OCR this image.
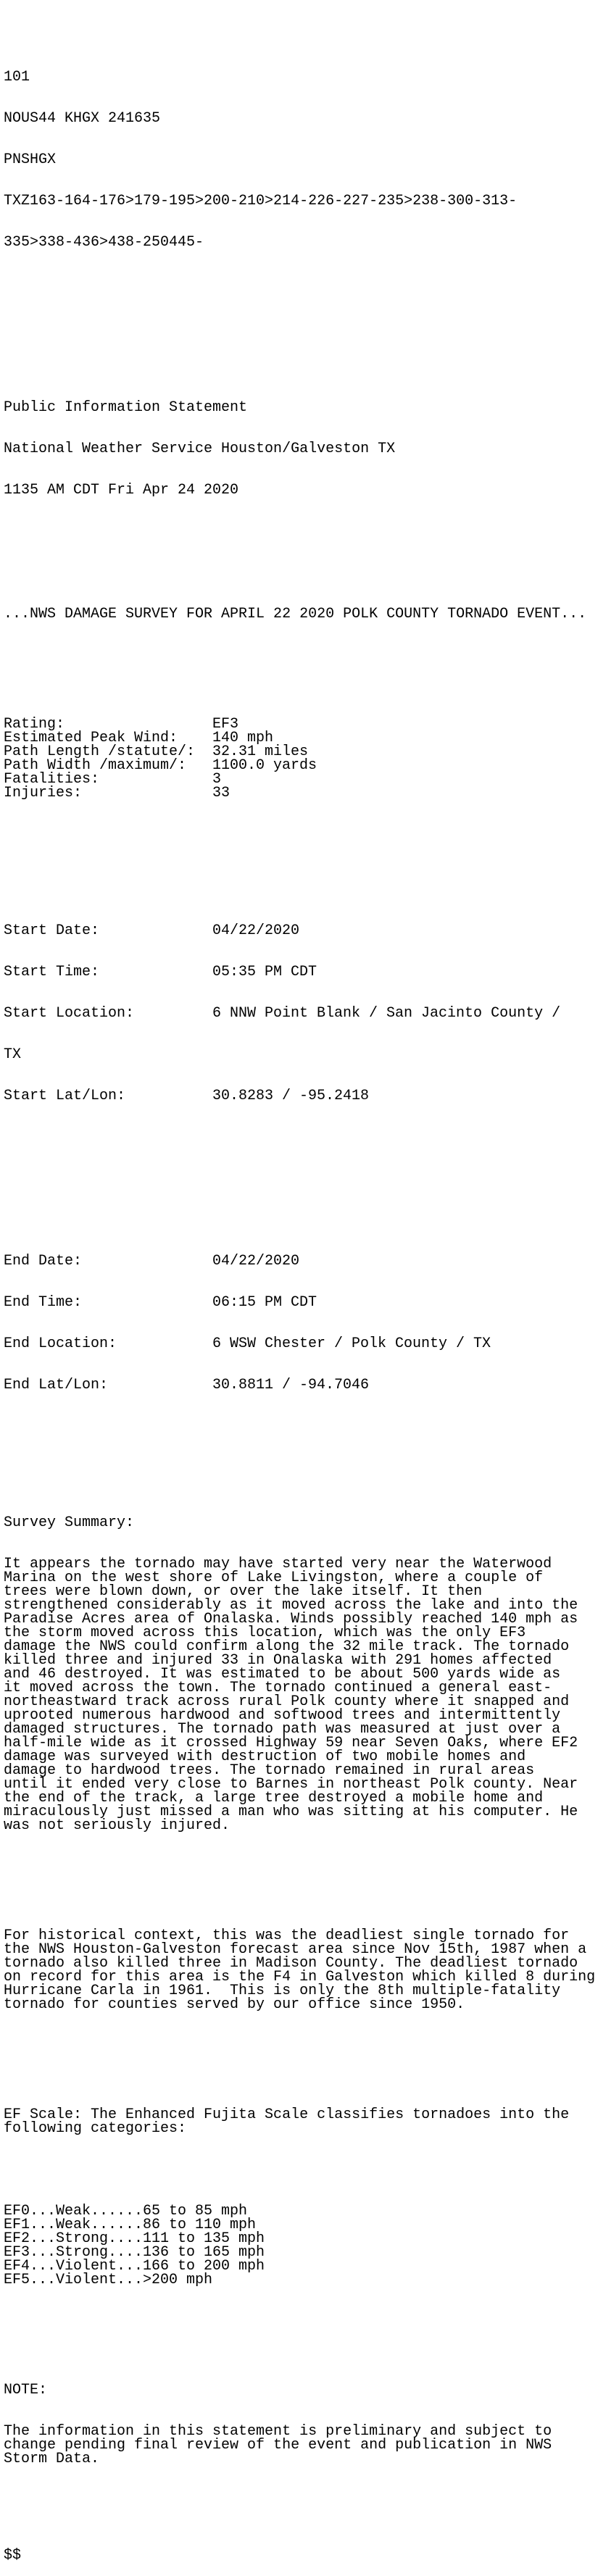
101

NOUS44 KHGX 241635

PNSHGX

TXZ163-164-176>179-195>200-210>214-226-227-235>238-300-313-

335>338-436>438-250445-

Public Information Statement

National Weather Service Houston/Galveston TX

1135 AM CDT Fri Apr 24 2020

...NWS DAMAGE SURVEY FOR APRIL 22 2020 POLK COUNTY TORNADO EVENT...

Rating:	EF3
Estimated Peak Wind: 140 mph
Path Length /statute/: 32.31 miles
Path Width /maximum/: 1100.0 yards
Fatalities:	3
Injuries:	33

Start Date:	04/22/2020

Start Time:	05:35 PM CDT

Start Location:	6 NNW Point Blank / San Jacinto County /

TX

Start Lat/Lon:	30.8283 / -95.2418

End Date:	04/22/2020

End Time:	06:15 PM CDT

End Location:	6 WSW Chester / Polk County / TX

End Lat/Lon:	30.8811 / -94.7046

Survey Summary:

It appears the tornado may have started very near the Waterwood
Marina on the west shore of Lake Livingston, where a couple of
trees were blown down, or over the lake itself. It then
strengthened considerably as it moved across the lake and into the
Paradise Acres area of Onalaska. Winds possibly reached 140 mph as
the storm moved across this location, which was the only EF3
damage the NWS could confirm along the 32 mile track. The tornado
killed three and injured 33 in Onalaska with 291 homes affected
and 46 destroyed. It was estimated to be about 500 yards wide as
it moved across the town. The tornado continued a general east-
northeastward track across rural Polk county where it snapped and
uprooted numerous hardwood and softwood trees and intermittently
damaged structures. The tornado path was measured at just over a
half-mile wide as it crossed Highway 59 near Seven Oaks, where EF2
damage was surveyed with destruction of two mobile homes and
damage to hardwood trees. The tornado remained in rural areas
until it ended very close to Barnes in northeast Polk county. Near
the end of the track, a large tree destroyed a mobile home and
miraculously just missed a man who was sitting at his computer. He
was not seriously injured.

For historical context, this was the deadliest single tornado for
the NWS Houston-Galveston forecast area since Nov 15th, 1987 when a
tornado also killed three in Madison County. The deadliest tornado
on record for this area is the F4 in Galveston which killed 8 during
Hurricane Carla in 1961.  This is only the 8th multiple-fatality
tornado for counties served by our office since 1950.

EF Scale: The Enhanced Fujita Scale classifies tornadoes into the
following categories:

EF0...Weak......65 to 85 mph
EF1...Weak......86 to 110 mph
EF2...Strong....111 to 135 mph
EF3...Strong....136 to 165 mph
EF4...Violent...166 to 200 mph
EF5...Violent...>200 mph

NOTE:

The information in this statement is preliminary and subject to
change pending final review of the event and publication in NWS
Storm Data.

$$
